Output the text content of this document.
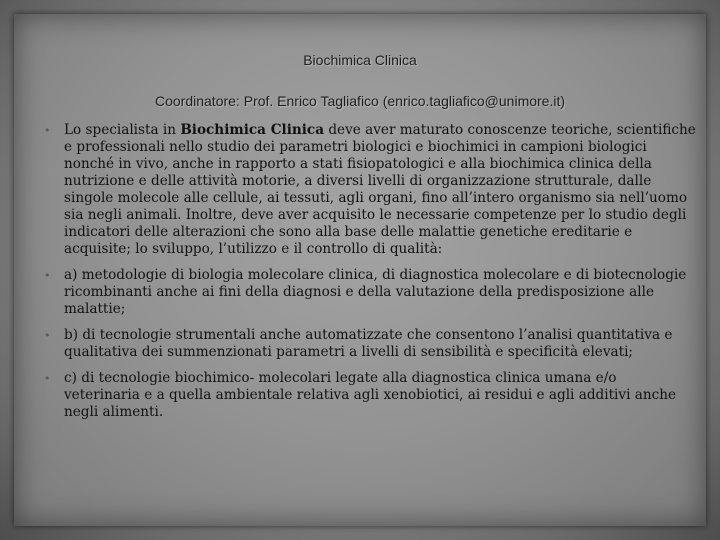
Biochimica Clinica
Coordinatore: Prof. Enrico Tagliafico (enrico.tagliafico@unimore.it)
• Lo specialista in Biochimica Clinica deve aver maturato conoscenze teoriche, scientifiche e professionali nello studio dei parametri biologici e biochimici in campioni biologici nonché in vivo, anche in rapporto a stati fisiopatologici e alla biochimica clinica della nutrizione e delle attività motorie, a diversi livelli di organizzazione strutturale, dalle singole molecole alle cellule, ai tessuti, agli organi, fino all’intero organismo sia nell’uomo sia negli animali. Inoltre, deve aver acquisito le necessarie competenze per lo studio degli indicatori delle alterazioni che sono alla base delle malattie genetiche ereditarie e acquisite; lo sviluppo, l’utilizzo e il controllo di qualità:
• a) metodologie di biologia molecolare clinica, di diagnostica molecolare e di biotecnologie ricombinanti anche ai fini della diagnosi e della valutazione della predisposizione alle malattie;
• b) di tecnologie strumentali anche automatizzate che consentono l’analisi quantitativa e qualitativa dei summenzionati parametri a livelli di sensibilità e specificità elevati;
• c) di tecnologie biochimico- molecolari legate alla diagnostica clinica umana e/o veterinaria e a quella ambientale relativa agli xenobiotici, ai residui e agli additivi anche negli alimenti.
